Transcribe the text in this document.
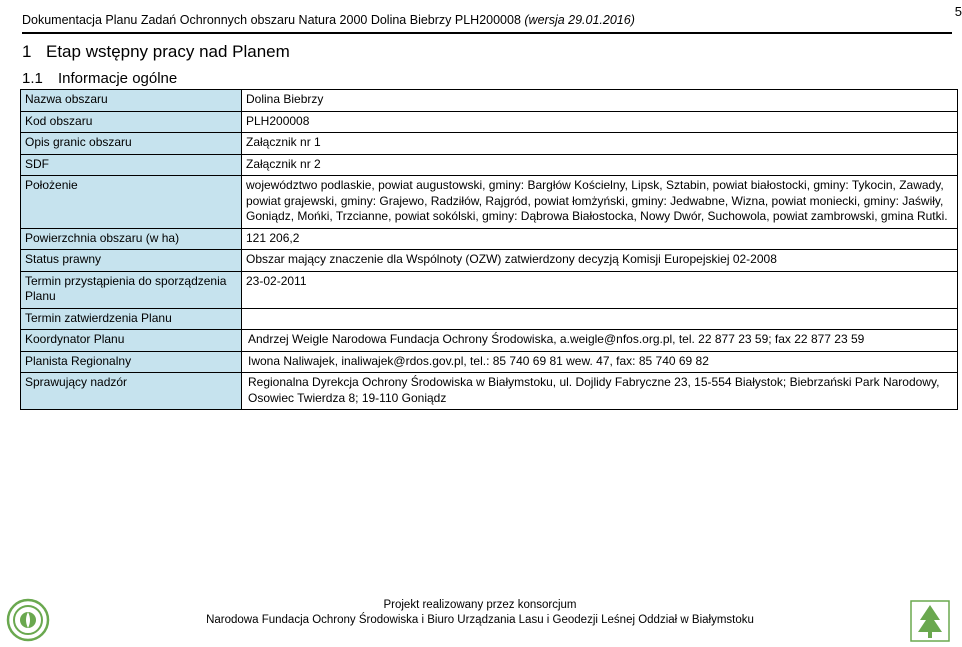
Dokumentacja Planu Zadań Ochronnych obszaru Natura 2000 Dolina Biebrzy PLH200008 (wersja 29.01.2016)
5
1 Etap wstępny pracy nad Planem
1.1 Informacje ogólne
Nazwa obszaru	Dolina Biebrzy
Kod obszaru	PLH200008
Opis granic obszaru	Załącznik nr 1
SDF	Załącznik nr 2
Położenie	województwo podlaskie, powiat augustowski, gminy: Bargłów Kościelny, Lipsk, Sztabin, powiat białostocki, gminy: Tykocin, Zawady, powiat grajewski, gminy: Grajewo, Radziłów, Rajgród, powiat łomżyński, gminy: Jedwabne, Wizna, powiat moniecki, gminy: Jaświły, Goniądz, Mońki, Trzcianne, powiat sokólski, gminy: Dąbrowa Białostocka, Nowy Dwór, Suchowola, powiat zambrowski, gmina Rutki.
Powierzchnia obszaru (w ha)	121 206,2
Status prawny	Obszar mający znaczenie dla Wspólnoty (OZW) zatwierdzony decyzją Komisji Europejskiej 02-2008
Termin przystąpienia do sporządzenia Planu	23-02-2011
Termin zatwierdzenia Planu	
Koordynator Planu	Andrzej Weigle Narodowa Fundacja Ochrony Środowiska, a.weigle@nfos.org.pl, tel. 22 877 23 59; fax 22 877 23 59
Planista Regionalny	Iwona Naliwajek, inaliwajek@rdos.gov.pl, tel.: 85 740 69 81 wew. 47, fax: 85 740 69 82
Sprawujący nadzór	Regionalna Dyrekcja Ochrony Środowiska w Białymstoku, ul. Dojlidy Fabryczne 23, 15-554 Białystok; Biebrzański Park Narodowy, Osowiec Twierdza 8; 19-110 Goniądz
Projekt realizowany przez konsorcjum
Narodowa Fundacja Ochrony Środowiska i Biuro Urządzania Lasu i Geodezji Leśnej Oddział w Białymstoku
